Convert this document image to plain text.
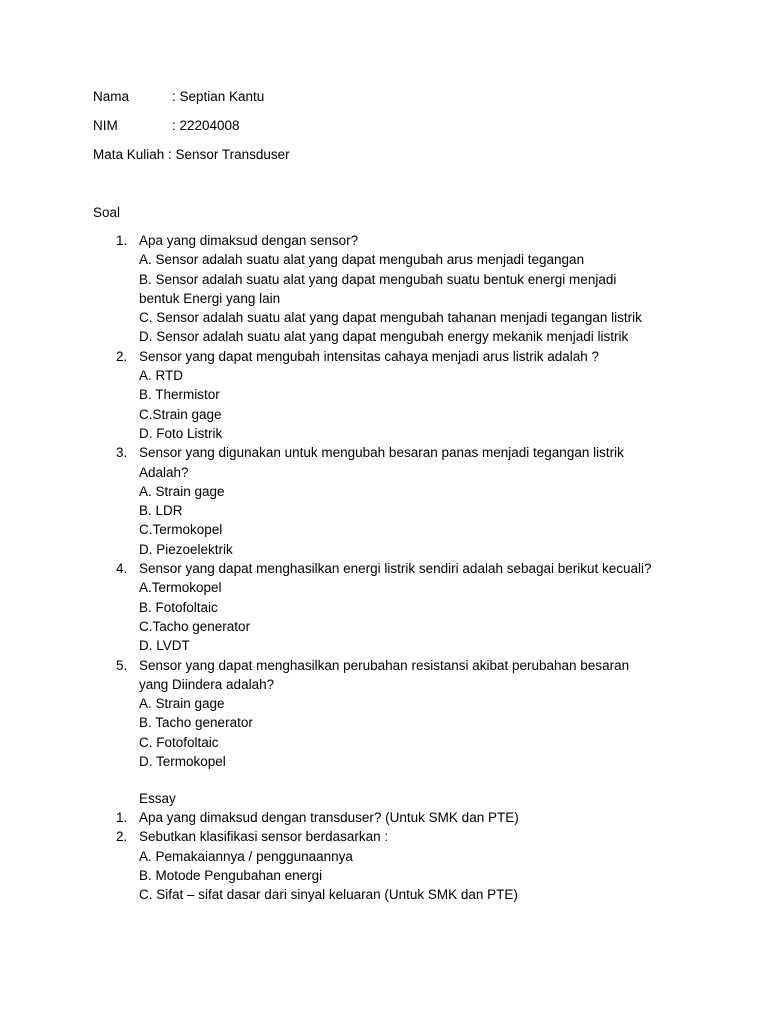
Nama	: Septian Kantu
NIM	: 22204008
Mata Kuliah : Sensor Transduser
Soal
1. Apa yang dimaksud dengan sensor?
A. Sensor adalah suatu alat yang dapat mengubah arus menjadi tegangan
B. Sensor adalah suatu alat yang dapat mengubah suatu bentuk energi menjadi
bentuk Energi yang lain
C. Sensor adalah suatu alat yang dapat mengubah tahanan menjadi tegangan listrik
D. Sensor adalah suatu alat yang dapat mengubah energy mekanik menjadi listrik
2. Sensor yang dapat mengubah intensitas cahaya menjadi arus listrik adalah ?
A. RTD
B. Thermistor
C.Strain gage
D. Foto Listrik
3. Sensor yang digunakan untuk mengubah besaran panas menjadi tegangan listrik
Adalah?
A. Strain gage
B. LDR
C.Termokopel
D. Piezoelektrik
4. Sensor yang dapat menghasilkan energi listrik sendiri adalah sebagai berikut kecuali?
A.Termokopel
B. Fotofoltaic
C.Tacho generator
D. LVDT
5. Sensor yang dapat menghasilkan perubahan resistansi akibat perubahan besaran
yang Diindera adalah?
A. Strain gage
B. Tacho generator
C. Fotofoltaic
D. Termokopel
Essay
1. Apa yang dimaksud dengan transduser? (Untuk SMK dan PTE)
2. Sebutkan klasifikasi sensor berdasarkan :
A. Pemakaiannya / penggunaannya
B. Motode Pengubahan energi
C. Sifat – sifat dasar dari sinyal keluaran (Untuk SMK dan PTE)
